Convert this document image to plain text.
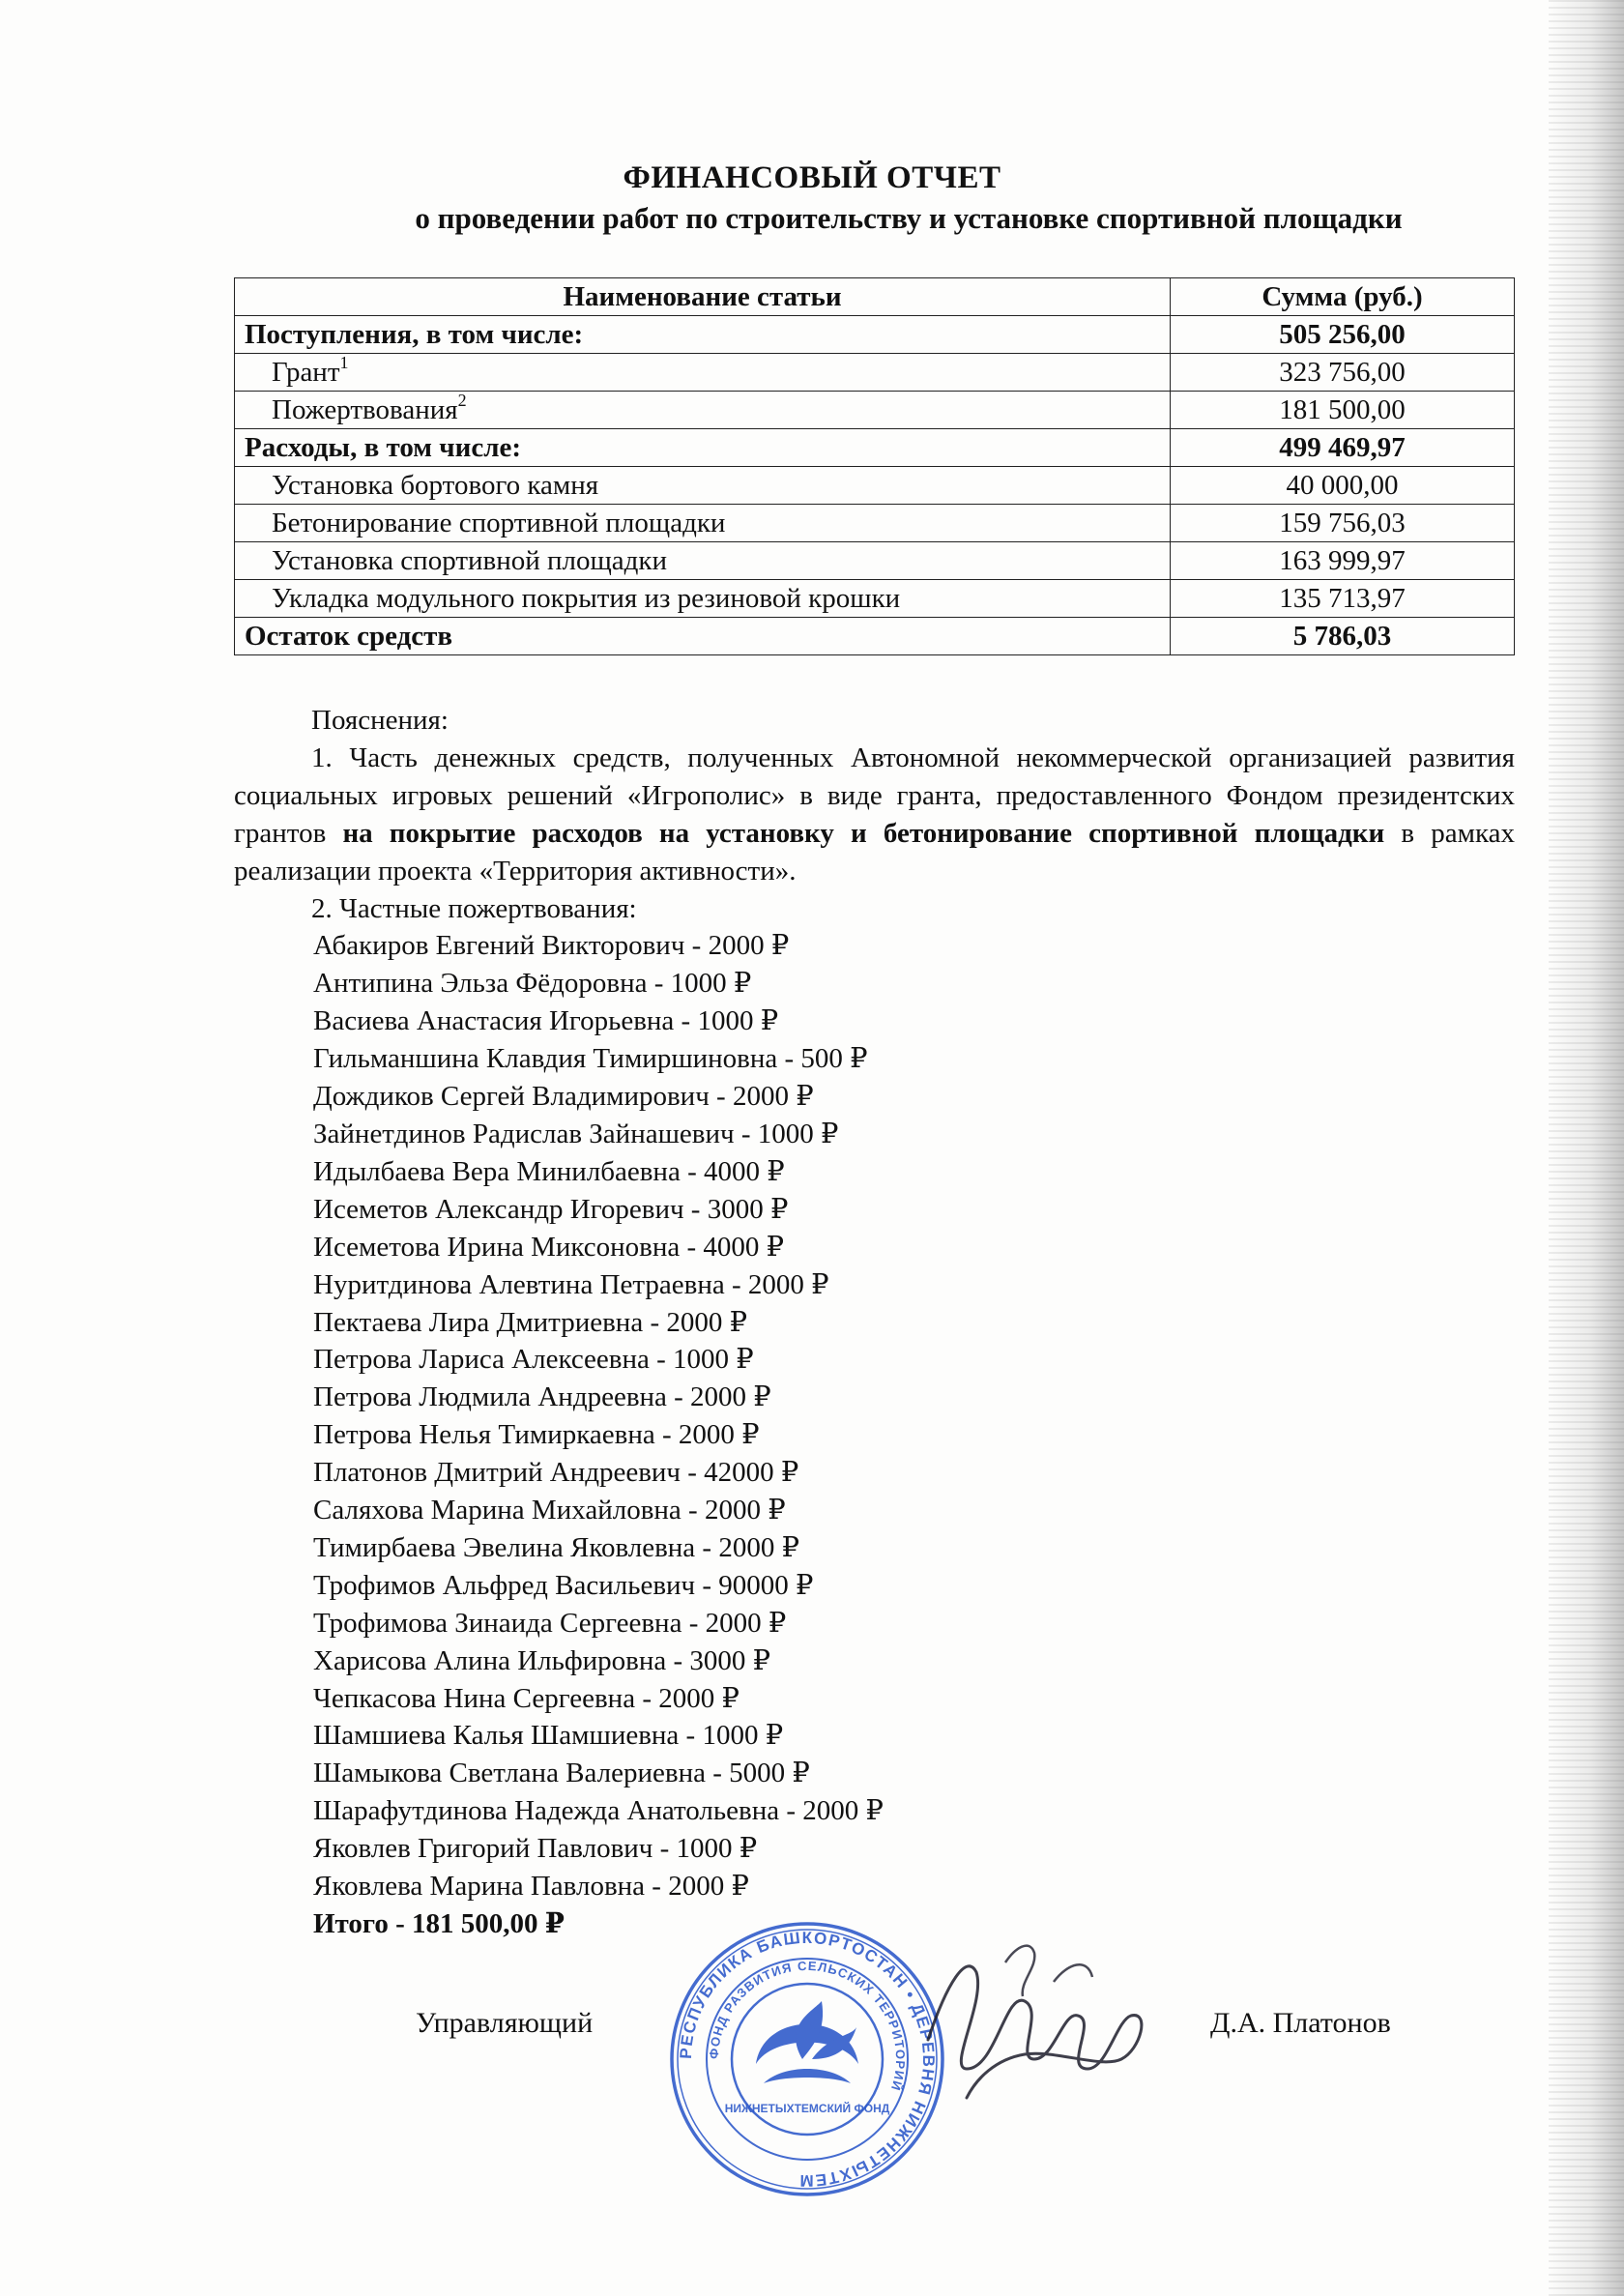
ФИНАНСОВЫЙ ОТЧЕТ
о проведении работ по строительству и установке спортивной площадки
Наименование статьи	Сумма (руб.)
Поступления, в том числе:	505 256,00
Грант$^1$	323 756,00
Пожертвования$^2$	181 500,00
Расходы, в том числе:	499 469,97
Установка бортового камня	40 000,00
Бетонирование спортивной площадки	159 756,03
Установка спортивной площадки	163 999,97
Укладка модульного покрытия из резиновой крошки	135 713,97
Остаток средств	5 786,03

Пояснения:

1. Часть денежных средств, полученных Автономной некоммерческой организацией развития социальных игровых решений «Игрополис» в виде гранта, предоставленного Фондом президентских грантов на покрытие расходов на установку и бетонирование спортивной площадки в рамках реализации проекта «Территория активности».

2. Частные пожертвования:

Абакиров Евгений Викторович - 2000 ₽
Антипина Эльза Фёдоровна - 1000 ₽
Васиева Анастасия Игорьевна - 1000 ₽
Гильманшина Клавдия Тимиршиновна - 500 ₽
Дождиков Сергей Владимирович - 2000 ₽
Зайнетдинов Радислав Зайнашевич - 1000 ₽
Идылбаева Вера Минилбаевна - 4000 ₽
Исеметов Александр Игоревич - 3000 ₽
Исеметова Ирина Миксоновна - 4000 ₽
Нуритдинова Алевтина Петраевна - 2000 ₽
Пектаева Лира Дмитриевна - 2000 ₽
Петрова Лариса Алексеевна - 1000 ₽
Петрова Людмила Андреевна - 2000 ₽
Петрова Нелья Тимиркаевна - 2000 ₽
Платонов Дмитрий Андреевич - 42000 ₽
Саляхова Марина Михайловна - 2000 ₽
Тимирбаева Эвелина Яковлевна - 2000 ₽
Трофимов Альфред Васильевич - 90000 ₽
Трофимова Зинаида Сергеевна - 2000 ₽
Харисова Алина Ильфировна - 3000 ₽
Чепкасова Нина Сергеевна - 2000 ₽
Шамшиева Калья Шамшиевна - 1000 ₽
Шамыкова Светлана Валериевна - 5000 ₽
Шарафутдинова Надежда Анатольевна - 2000 ₽
Яковлев Григорий Павлович - 1000 ₽
Яковлева Марина Павловна - 2000 ₽

Итого - 181 500,00 ₽

Управляющий	Д.А. Платонов
РЕСПУБЛИКА БАШКОРТОСТАН • ДЕРЕВНЯ НИЖНЕТЫХТЕМ
ФОНД РАЗВИТИЯ СЕЛЬСКИХ ТЕРРИТОРИЙ
НИЖНЕТЫХТЕМСКИЙ ФОНД
